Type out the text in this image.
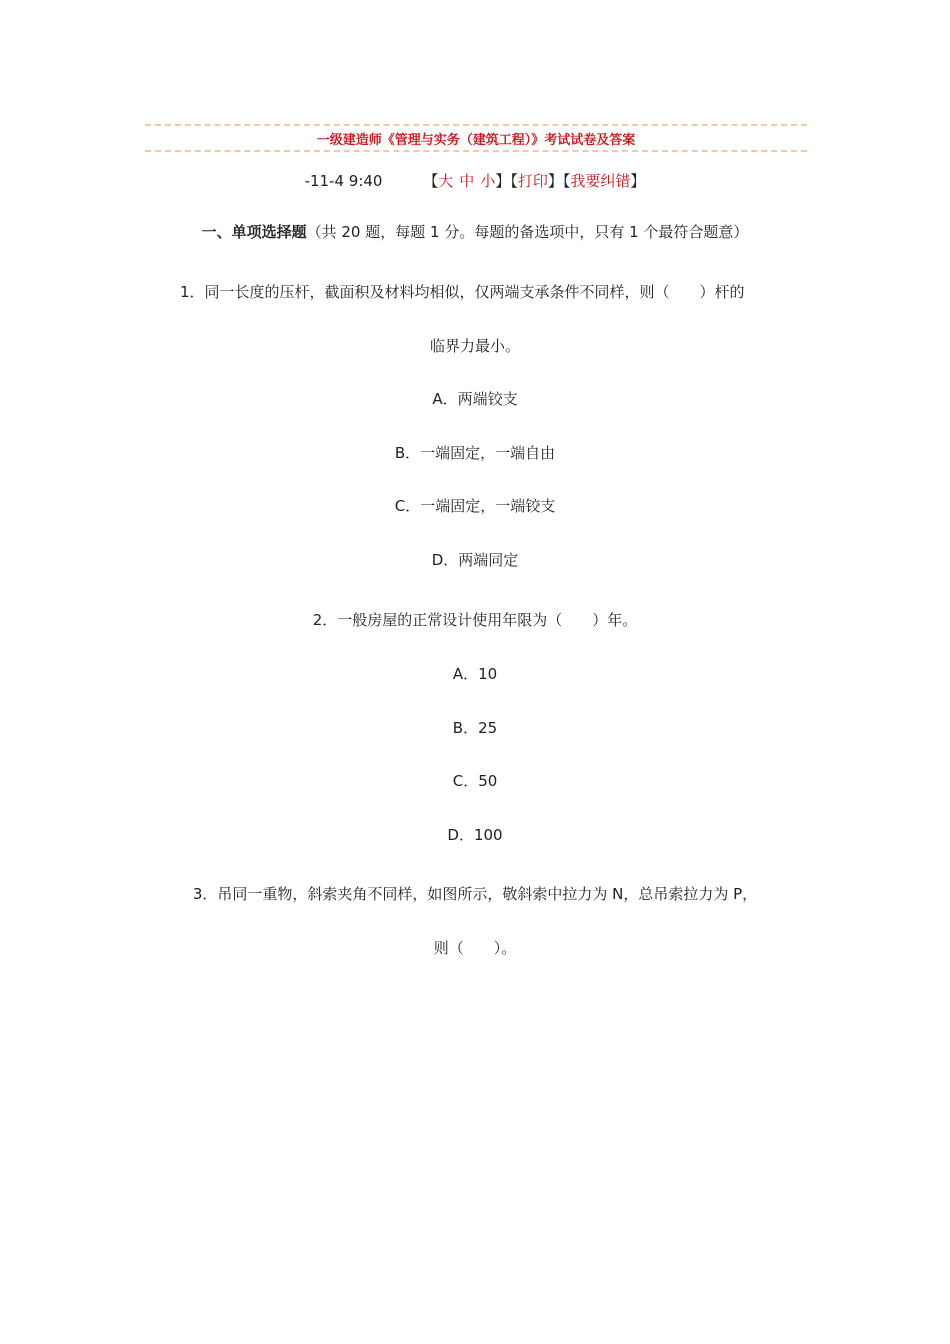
一级建造师《管理与实务（建筑工程）》考试试卷及答案
-11-4 9:40	【大 中 小】【打印】【我要纠错】
一、单项选择题（共 20 题，每题 1 分。每题的备选项中，只有 1 个最符合题意）
1．同一长度的压杆，截面积及材料均相似，仅两端支承条件不同样，则（　　）杆的
临界力最小。
A．两端铰支
B．一端固定，一端自由
C．一端固定，一端铰支
D．两端同定
2．一般房屋的正常设计使用年限为（　　）年。
A．10
B．25
C．50
D．100
3．吊同一重物，斜索夹角不同样，如图所示，敬斜索中拉力为 N，总吊索拉力为 P，
则（　　）。
